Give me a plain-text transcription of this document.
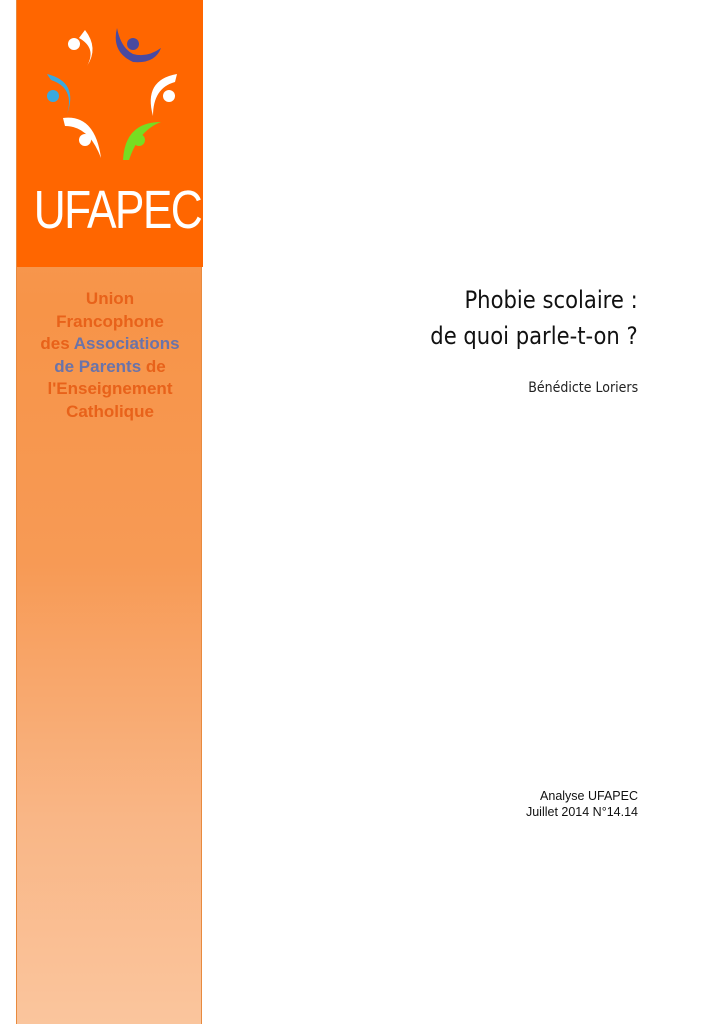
UFAPEC
Union
Francophone
des Associations
de Parents de
l'Enseignement
Catholique
Phobie scolaire :
de quoi parle-t-on ?
Bénédicte Loriers
Analyse UFAPEC
Juillet 2014 N°14.14
